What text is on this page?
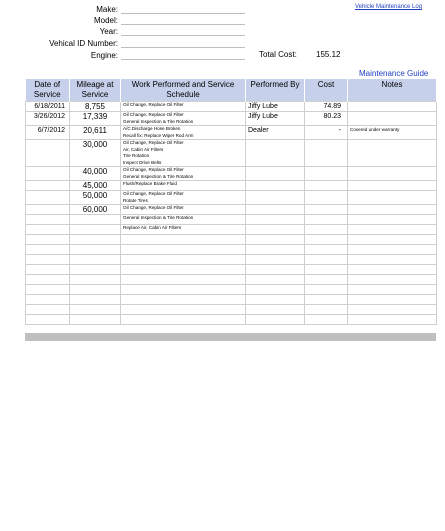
Make:
Model:
Year:
Vehical ID Number:
Engine:
Vehicle Maintenance Log
Total Cost: 155.12
Maintenance Guide
Date of Service	Mileage at Service	Work Performed and Service Schedule	Performed By	Cost	Notes
6/18/2011	8,755	Oil Change, Replace Oil Filter	Jiffy Lube	74.89	
3/26/2012	17,339	Oil Change, Replace Oil Filter
General Inspection & Tire Rotation	Jiffy Lube	80.23	
6/7/2012	20,611	A/C Discharge Hose Broken
Recall fix: Replace Wiper Rod Arm	Dealer	-	Covered under warranty
	30,000	Oil Change, Replace Oil Filter
Air, Cabin Air Filters
Tire Rotation
Inspect Drive Belts			
	40,000	Oil Change, Replace Oil Filter
General Inspection & Tire Rotation			
	45,000	Flush/Replace Brake Fluid			
	50,000	Oil Change, Replace Oil Filter
Rotate Tires			
	60,000	Oil Change, Replace Oil Filter			
		General Inspection & Tire Rotation			
		Replace Air, Cabin Air Filters			
